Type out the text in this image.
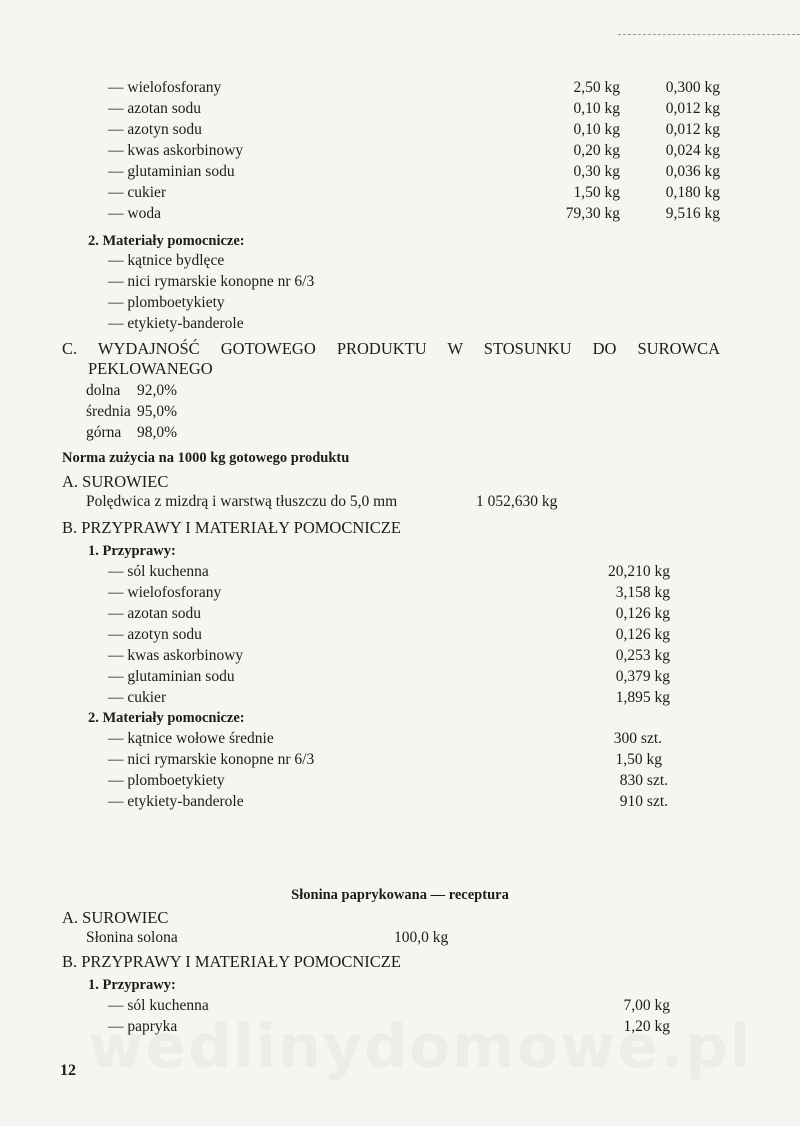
— wielofosforany	2,50 kg	0,300 kg
— azotan sodu	0,10 kg	0,012 kg
— azotyn sodu	0,10 kg	0,012 kg
— kwas askorbinowy	0,20 kg	0,024 kg
— glutaminian sodu	0,30 kg	0,036 kg
— cukier	1,50 kg	0,180 kg
— woda	79,30 kg	9,516 kg
2. Materiały pomocnicze:
— kątnice bydlęce
— nici rymarskie konopne nr 6/3
— plomboetykiety
— etykiety-banderole
C. WYDAJNOŚĆ GOTOWEGO PRODUKTU W STOSUNKU DO SUROWCA
PEKLOWANEGO
dolna 92,0%
średnia 95,0%
górna 98,0%
Norma zużycia na 1000 kg gotowego produktu
A. SUROWIEC
Polędwica z mizdrą i warstwą tłuszczu do 5,0 mm	1 052,630 kg
B. PRZYPRAWY I MATERIAŁY POMOCNICZE
1. Przyprawy:
— sól kuchenna	20,210 kg
— wielofosforany	3,158 kg
— azotan sodu	0,126 kg
— azotyn sodu	0,126 kg
— kwas askorbinowy	0,253 kg
— glutaminian sodu	0,379 kg
— cukier	1,895 kg
2. Materiały pomocnicze:
— kątnice wołowe średnie	300 szt.
— nici rymarskie konopne nr 6/3	1,50 kg
— plomboetykiety	830 szt.
— etykiety-banderole	910 szt.
Słonina paprykowana — receptura
A. SUROWIEC
Słonina solona	100,0 kg
B. PRZYPRAWY I MATERIAŁY POMOCNICZE
1. Przyprawy:
— sól kuchenna	7,00 kg
— papryka	1,20 kg
12
